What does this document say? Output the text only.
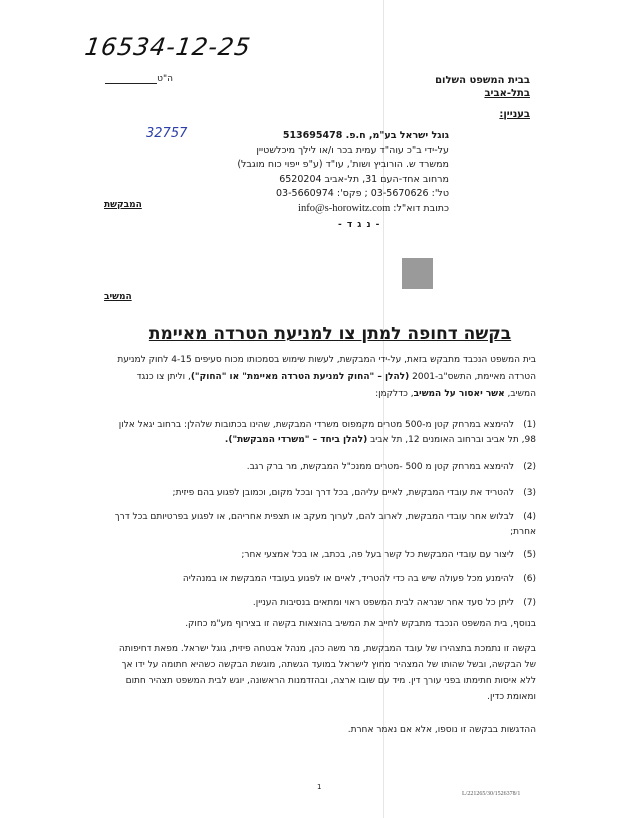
16534-12-25
ה"ט	בבית המשפט השלום
בתל-אביב
בעניין:
32757	גוגל ישראל בע"מ, ח.פ. 513695478
על-ידי ב"כ עוה"ד עמית בכר ו/או לילך מיכלשטיין
ממשרד ש. הורוביץ ושות', עו"ד (ע"פ ייפוי כוח מוגבל)
מרחוב אחד-העם 31, תל-אביב 6520204
טל': 03-5670626 ; פקס': 03-5660974
כתובת דוא"ל: info@s-horowitz.com
המבקשת
- נ ג ד -
המשיב
בקשה דחופה למתן צו למניעת הטרדה מאיימת
בית המשפט הנכבד מתבקש בזאת, על-ידי המבקשת, לעשות שימוש בסמכותו מכוח סעיפים 4-15 לחוק למניעת הטרדה מאיימת, התשס"ב-2001 (להלן – "החוק למניעת הטרדה מאיימת" או "החוק"), וליתן צו כנגד המשיב, אשר יאסור על המשיב, כדלקמן:
(1)להימצא במרחק קטן מ-500 מטרים מקמפוס משרדי המבקשת, שהינו בכתובות שלהלן: ברחוב יגאל אלון 98, תל אביב וברחוב האומנים 12, תל אביב (להלן ביחד – "משרדי המבקשת").
(2)להימצא במרחק קטן מ 500 -מטרים ממנכ"ל המבקשת, מר ברק רגב.
(3)להטריד את עובדי המבקשת, לאיים עליהם, בכל דרך ובכל מקום, וכמובן לפגוע בהם פיזית;
(4)לבלוש אחר עובדי המבקשת, לארוב להם, לערוך מעקב או תצפית אחריהם, או לפגוע בפרטיותם בכל דרך אחרת;
(5)ליצור עם עובדי המבקשת כל קשר בעל פה, בכתב, או בכל אמצעי אחר;
(6)להימנע מכל פעולה שיש בה כדי להטריד, לאיים או לפגוע בעובדי המבקשת או במנהליה
(7)ליתן כל סעד אחר שנראה לבית המשפט ראוי ומתאים בנסיבות העניין.
בנוסף, בית המשפט הנכבד מתבקש לחייב את המשיב בהוצאות בקשה זו בצירוף מע"מ כחוק.
בקשה זו נתמכת בתצהירו של עובד המבקשת, מר משה כהן, מנהל אבטחה פיזית, גוגל ישראל. מפאת דחיפותה של הבקשה, ובשל שהותו של המצהיר מחוץ לישראל במועד הגשתה, מוגשת הבקשה כשהיא חתומה על ידו אך ללא איסות חתימתו בפני עורך דין. מיד עם שובו ארצה, ובהזדמנות הראשונה, יוגש לבית המשפט תצהיר חתום ומאומת כדין.
ההדגשות בבקשה זו נוספו, אלא אם נאמר אחרת.
1
L/221265/30/1526378/1
